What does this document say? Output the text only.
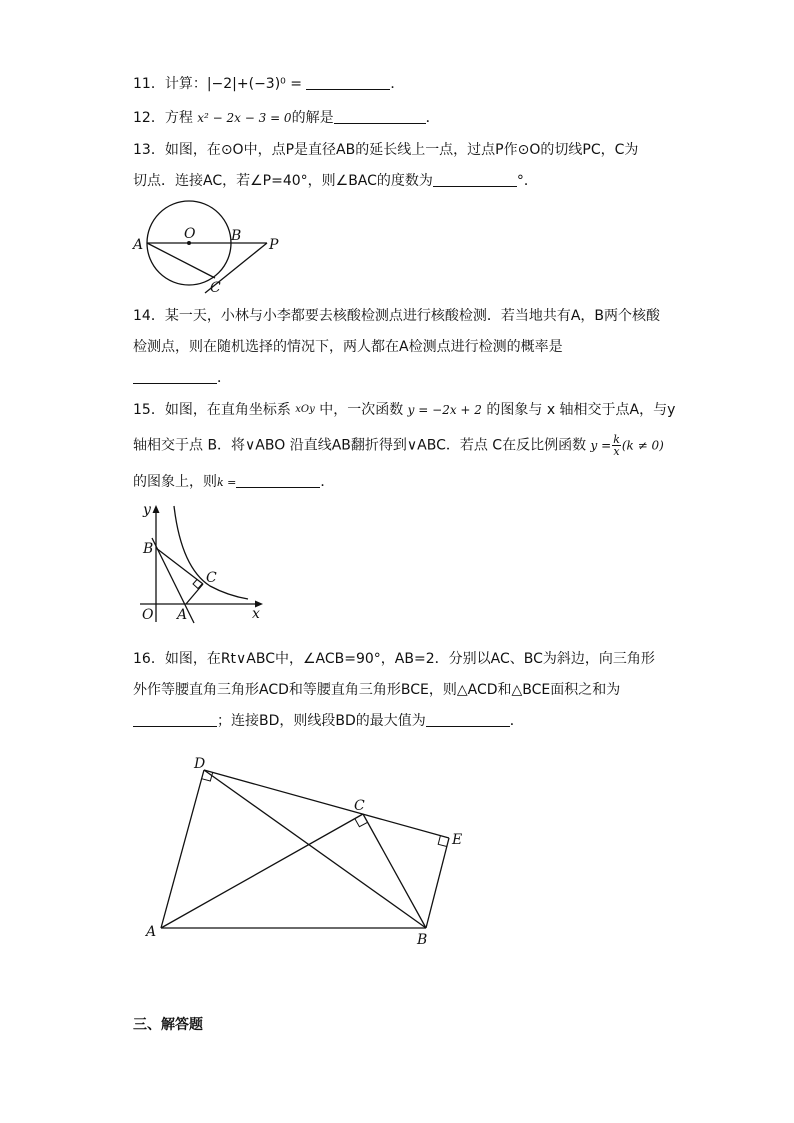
11．计算：|−2|+(−3)⁰ =	．
12．方程 x² − 2x − 3 = 0的解是	．
13．如图，在⊙O中，点P是直径AB的延长线上一点，过点P作⊙O的切线PC，C为
切点．连接AC，若∠P=40°，则∠BAC的度数为	°．
A
O	B
P
C
14．某一天，小林与小李都要去核酸检测点进行核酸检测．若当地共有A，B两个核酸
检测点，则在随机选择的情况下，两人都在A检测点进行检测的概率是
．
15．如图，在直角坐标系 xOy 中，一次函数 y = −2x + 2 的图象与 x 轴相交于点A，与y
轴相交于点 B．将∨ABO 沿直线AB翻折得到∨ABC．若点 C在反比例函数 $y = \frac{k}{x} (k \ne 0)$
的图象上，则k =	．
y
B
C
O A	x
16．如图，在Rt∨ABC中，∠ACB=90°，AB=2．分别以AC、BC为斜边，向三角形
外作等腰直角三角形ACD和等腰直角三角形BCE，则△ACD和△BCE面积之和为
；连接BD，则线段BD的最大值为	．
D
C
E
A	B
三、解答题
